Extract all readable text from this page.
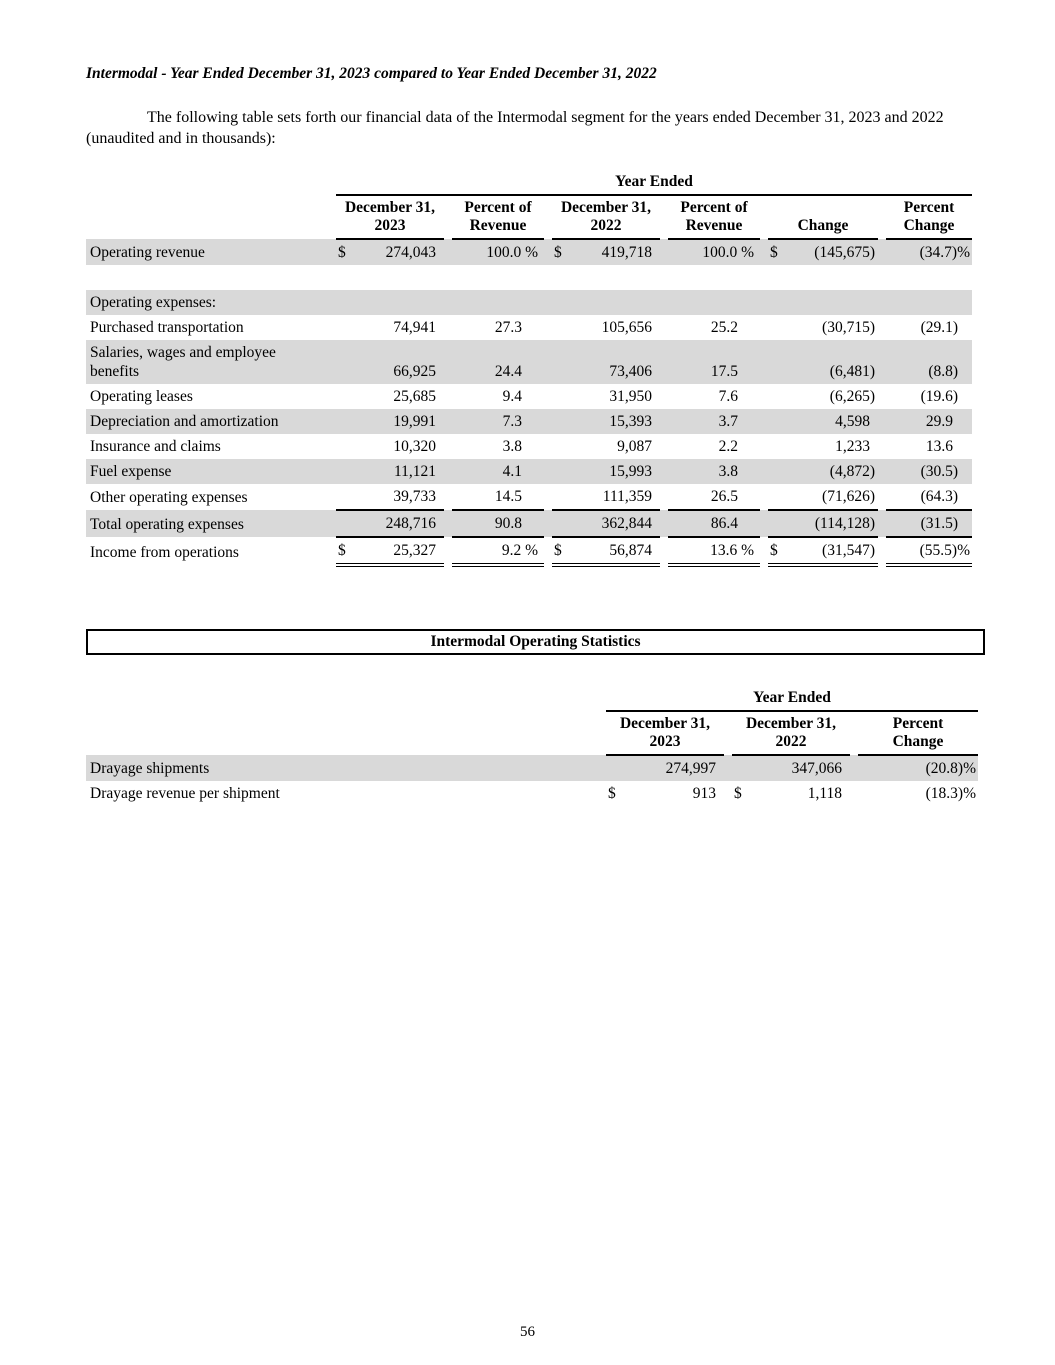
Intermodal - Year Ended December 31, 2023 compared to Year Ended December 31, 2022

The following table sets forth our financial data of the Intermodal segment for the years ended December 31, 2023 and 2022 (unaudited and in thousands):

	Year Ended													
	December 31, 2023			Percent of Revenue		December 31, 2022			Percent of Revenue		Change			Percent Change
Operating revenue	$	274,043		100.0 %		$	419,718		100.0 %		$	(145,675)		(34.7)%

Operating expenses:														
Purchased transportation		74,941		27.3			105,656		25.2			(30,715)		(29.1)
Salaries, wages and employee benefits		66,925		24.4			73,406		17.5			(6,481)		(8.8)
Operating leases		25,685		9.4			31,950		7.6			(6,265)		(19.6)
Depreciation and amortization		19,991		7.3			15,393		3.7			4,598		29.9
Insurance and claims		10,320		3.8			9,087		2.2			1,233		13.6
Fuel expense		11,121		4.1			15,993		3.8			(4,872)		(30.5)
Other operating expenses		39,733		14.5			111,359		26.5			(71,626)		(64.3)
Total operating expenses		248,716		90.8			362,844		86.4			(114,128)		(31.5)
Income from operations	$	25,327		9.2 %		$	56,874		13.6 %		$	(31,547)		(55.5)%
Intermodal Operating Statistics
	Year Ended						
	December 31, 2023			December 31, 2022			Percent Change
Drayage shipments		274,997			347,066		(20.8)%
Drayage revenue per shipment	$	913		$	1,118		(18.3)%
56
